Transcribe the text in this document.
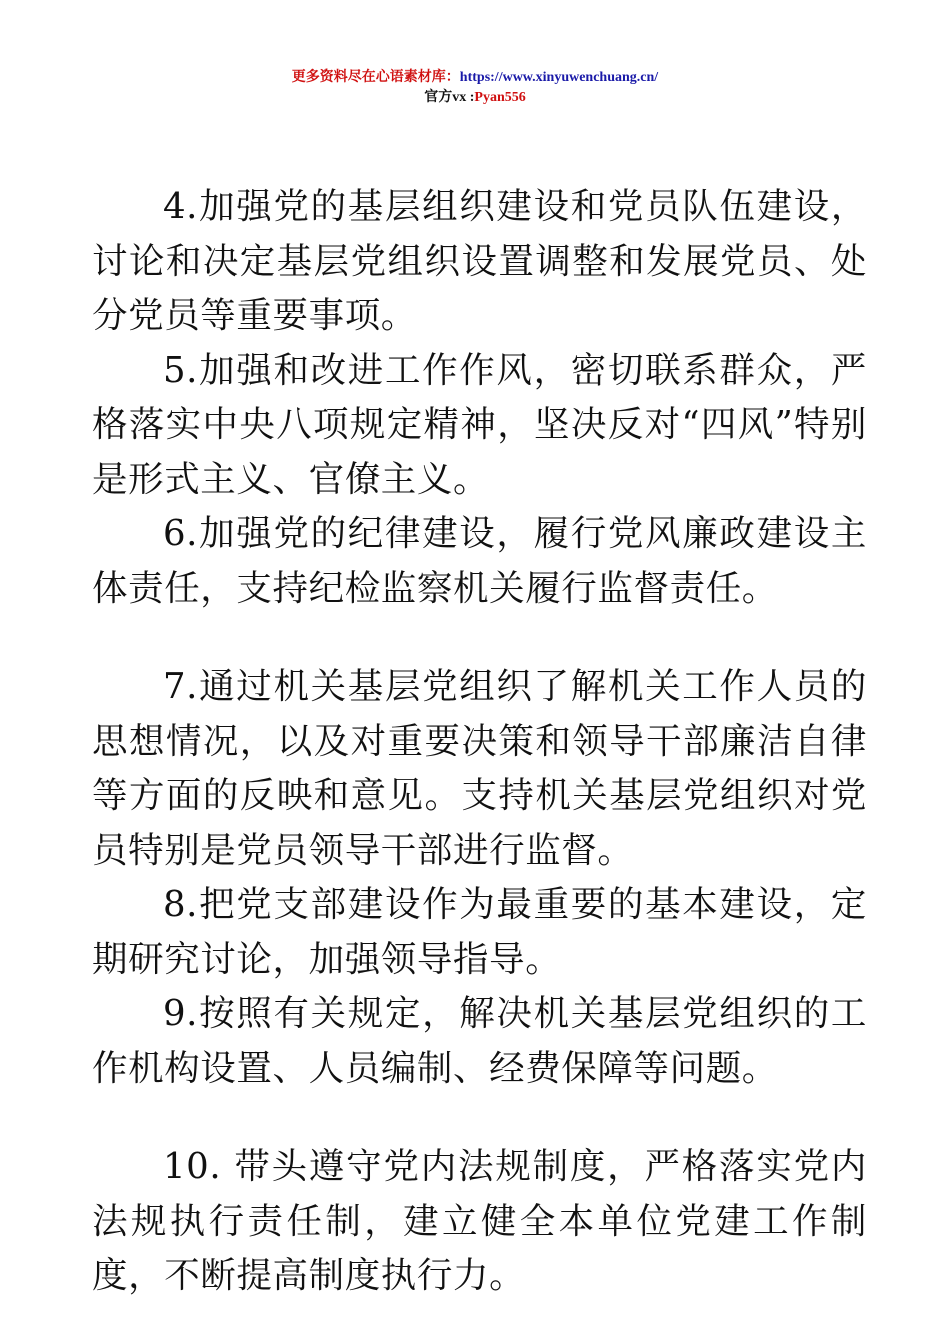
更多资料尽在心语素材库：https://www.xinyuwenchuang.cn/
官方vx :Pyan556

4.加强党的基层组织建设和党员队伍建设，讨论和决定基层党组织设置调整和发展党员、处分党员等重要事项。

5.加强和改进工作作风，密切联系群众，严格落实中央八项规定精神，坚决反对“四风”特别是形式主义、官僚主义。

6.加强党的纪律建设，履行党风廉政建设主体责任，支持纪检监察机关履行监督责任。

7.通过机关基层党组织了解机关工作人员的思想情况，以及对重要决策和领导干部廉洁自律等方面的反映和意见。支持机关基层党组织对党员特别是党员领导干部进行监督。

8.把党支部建设作为最重要的基本建设，定期研究讨论，加强领导指导。

9.按照有关规定，解决机关基层党组织的工作机构设置、人员编制、经费保障等问题。

10. 带头遵守党内法规制度，严格落实党内法规执行责任制，建立健全本单位党建工作制度，不断提高制度执行力。
